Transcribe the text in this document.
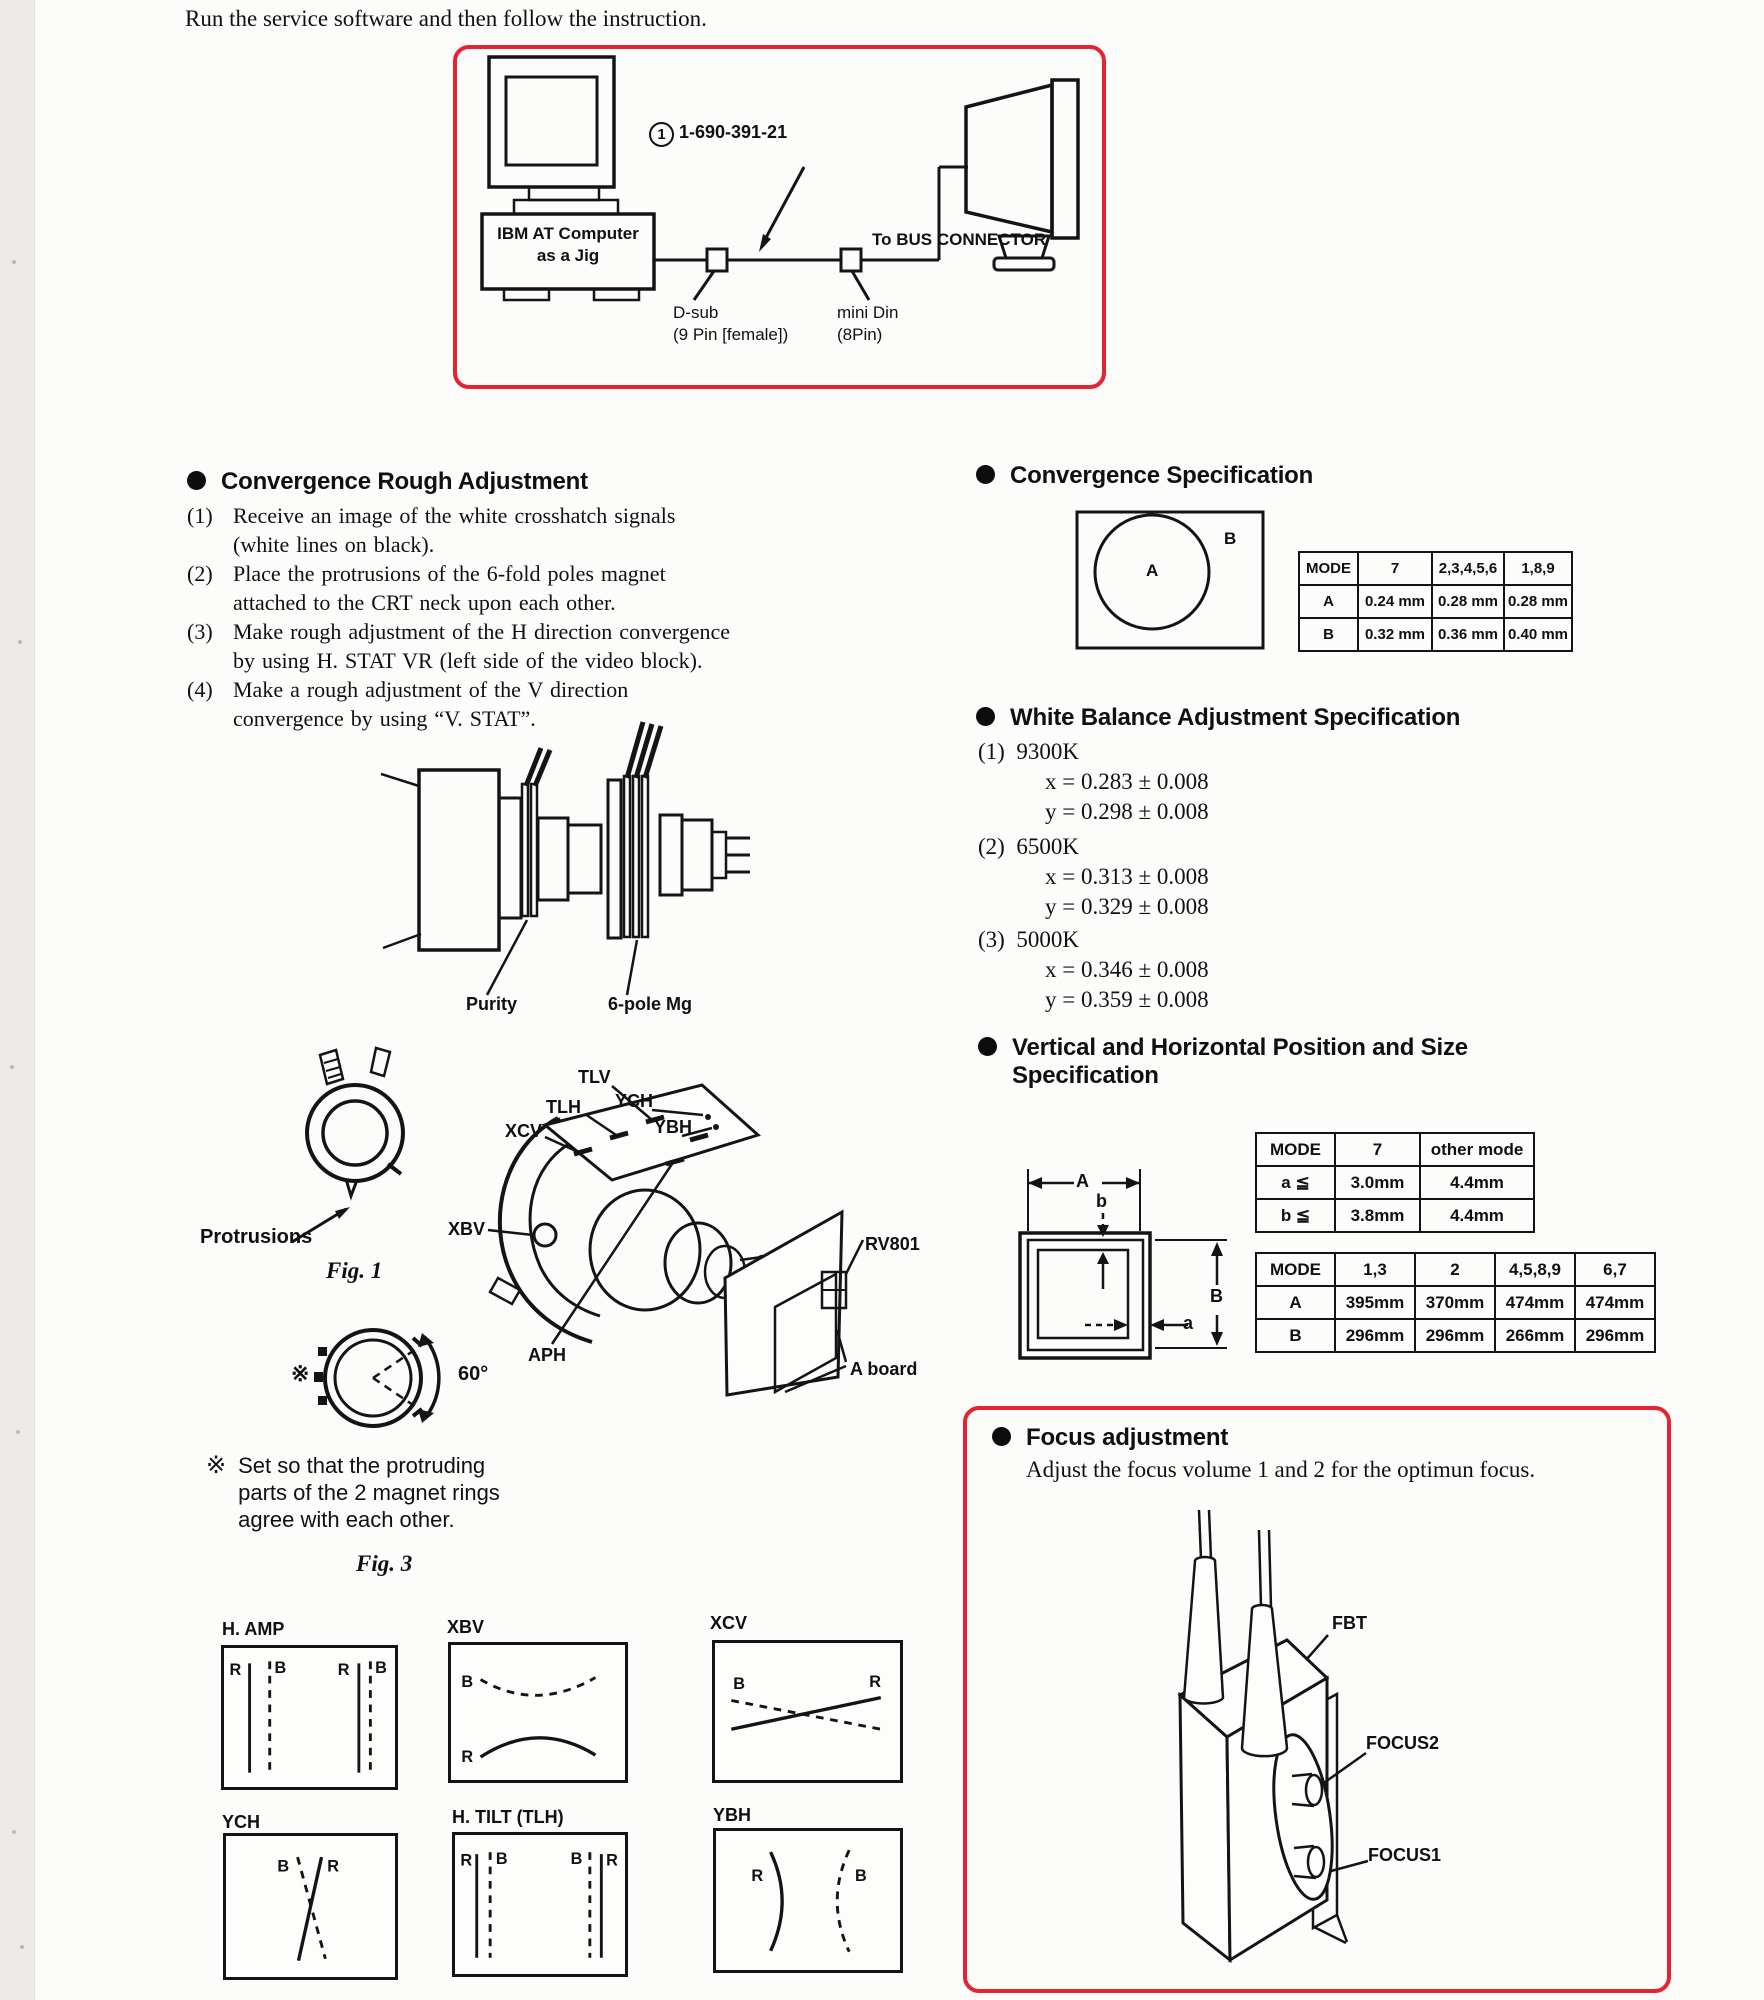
Run the service software and then follow the instruction.
IBM AT Computer
as a Jig
1 1-690-391-21
To BUS CONNECTOR
D-sub
(9 Pin [female])
mini Din
(8Pin)
Convergence Rough Adjustment
(1) Receive an image of the white crosshatch signals (white lines on black).
(2) Place the protrusions of the 6-fold poles magnet attached to the CRT neck upon each other.
(3) Make rough adjustment of the H direction convergence by using H. STAT VR (left side of the video block).
(4) Make a rough adjustment of the V direction convergence by using “V. STAT”.
Purity	6-pole Mg
Protrusions
Fig. 1
TLV
TLH YCH
XCV	YBH
XBV
APH
RV801
A board
※	60°
※ Set so that the protruding
parts of the 2 magnet rings
agree with each other.
Fig. 3
H. AMP
R B	R B
XBV
B
R
XCV
B	R
YCH
B R
H. TILT (TLH)
R B	B R
YBH
R	B
Convergence Specification
A
B
MODE	7	2,3,4,5,6	1,8,9
A	0.24 mm	0.28 mm	0.28 mm
B	0.32 mm	0.36 mm	0.40 mm
White Balance Adjustment Specification
(1) 9300K
x = 0.283 ± 0.008
y = 0.298 ± 0.008
(2) 6500K
x = 0.313 ± 0.008
y = 0.329 ± 0.008
(3) 5000K
x = 0.346 ± 0.008
y = 0.359 ± 0.008
Vertical and Horizontal Position and Size
Specification
A
b
B
a
MODE	7	other mode
a ≦	3.0mm	4.4mm
b ≦	3.8mm	4.4mm
MODE	1,3	2	4,5,8,9	6,7
A	395mm	370mm	474mm	474mm
B	296mm	296mm	266mm	296mm
Focus adjustment
Adjust the focus volume 1 and 2 for the optimun focus.
FBT
FOCUS2
FOCUS1
